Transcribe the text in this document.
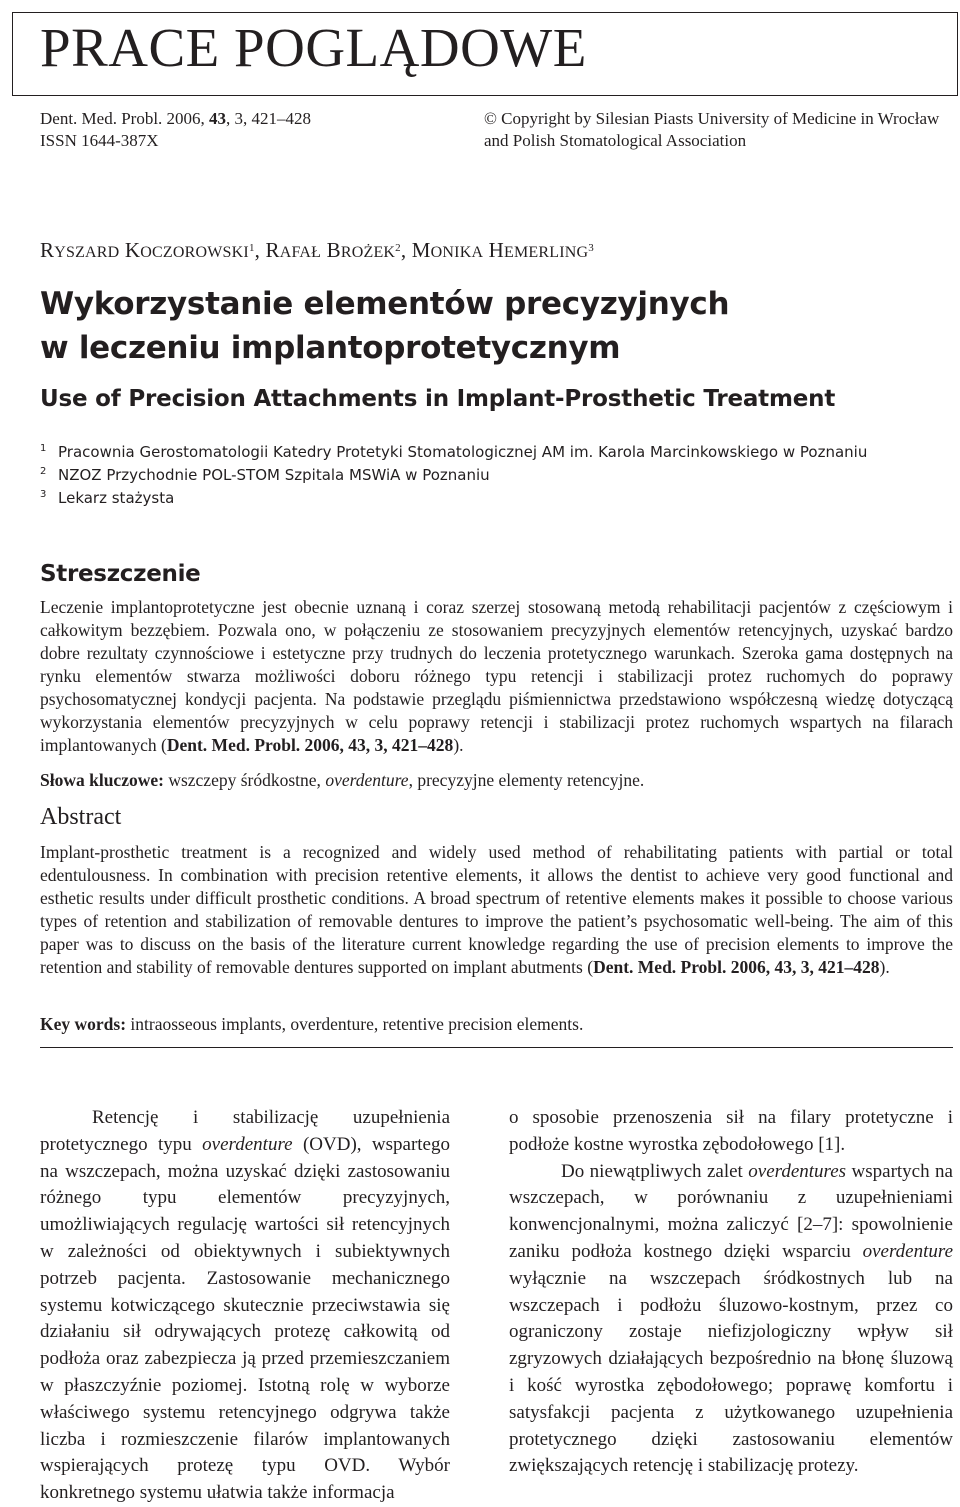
PRACE POGLĄDOWE
Dent. Med. Probl. 2006, 43, 3, 421–428
ISSN 1644-387X
© Copyright by Silesian Piasts University of Medicine in Wrocław
and Polish Stomatological Association
RYSZARD KOCZOROWSKI$^1$, RAFAŁ BROŻEK$^2$, MONIKA HEMERLING$^3$
Wykorzystanie elementów precyzyjnych
w leczeniu implantoprotetycznym
Use of Precision Attachments in Implant-Prosthetic Treatment
1 Pracownia Gerostomatologii Katedry Protetyki Stomatologicznej AM im. Karola Marcinkowskiego w Poznaniu
2 NZOZ Przychodnie POL-STOM Szpitala MSWiA w Poznaniu
3 Lekarz stażysta
Streszczenie
Leczenie implantoprotetyczne jest obecnie uznaną i coraz szerzej stosowaną metodą rehabilitacji pacjentów z częściowym i całkowitym bezzębiem. Pozwala ono, w połączeniu ze stosowaniem precyzyjnych elementów retencyjnych, uzyskać bardzo dobre rezultaty czynnościowe i estetyczne przy trudnych do leczenia protetycznego warunkach. Szeroka gama dostępnych na rynku elementów stwarza możliwości doboru różnego typu retencji i stabilizacji protez ruchomych do poprawy psychosomatycznej kondycji pacjenta. Na podstawie przeglądu piśmiennictwa przedstawiono współczesną wiedzę dotyczącą wykorzystania elementów precyzyjnych w celu poprawy retencji i stabilizacji protez ruchomych wspartych na filarach implantowanych (Dent. Med. Probl. 2006, 43, 3, 421–428).
Słowa kluczowe: wszczepy śródkostne, overdenture, precyzyjne elementy retencyjne.
Abstract
Implant-prosthetic treatment is a recognized and widely used method of rehabilitating patients with partial or total edentulousness. In combination with precision retentive elements, it allows the dentist to achieve very good functional and esthetic results under difficult prosthetic conditions. A broad spectrum of retentive elements makes it possible to choose various types of retention and stabilization of removable dentures to improve the patient’s psychosomatic well-being. The aim of this paper was to discuss on the basis of the literature current knowledge regarding the use of precision elements to improve the retention and stability of removable dentures supported on implant abutments (Dent. Med. Probl. 2006, 43, 3, 421–428).
Key words: intraosseous implants, overdenture, retentive precision elements.

Retencję i stabilizację uzupełnienia protetycznego typu overdenture (OVD), wspartego na wszczepach, można uzyskać dzięki zastosowaniu różnego typu elementów precyzyjnych, umożliwiających regulację wartości sił retencyjnych w zależności od obiektywnych i subiektywnych potrzeb pacjenta. Zastosowanie mechanicznego systemu kotwiczącego skutecznie przeciwstawia się działaniu sił odrywających protezę całkowitą od podłoża oraz zabezpiecza ją przed przemieszczaniem w płaszczyźnie poziomej. Istotną rolę w wyborze właściwego systemu retencyjnego odgrywa także liczba i rozmieszczenie filarów implantowanych wspierających protezę typu OVD. Wybór konkretnego systemu ułatwia także informacja

o sposobie przenoszenia sił na filary protetyczne i podłoże kostne wyrostka zębodołowego [1].

Do niewątpliwych zalet overdentures wspartych na wszczepach, w porównaniu z uzupełnieniami konwencjonalnymi, można zaliczyć [2–7]: spowolnienie zaniku podłoża kostnego dzięki wsparciu overdenture wyłącznie na wszczepach śródkostnych lub na wszczepach i podłożu śluzowo-kostnym, przez co ograniczony zostaje niefizjologiczny wpływ sił zgryzowych działających bezpośrednio na błonę śluzową i kość wyrostka zębodołowego; poprawę komfortu i satysfakcji pacjenta z użytkowanego uzupełnienia protetycznego dzięki zastosowaniu elementów zwiększających retencję i stabilizację protezy.
